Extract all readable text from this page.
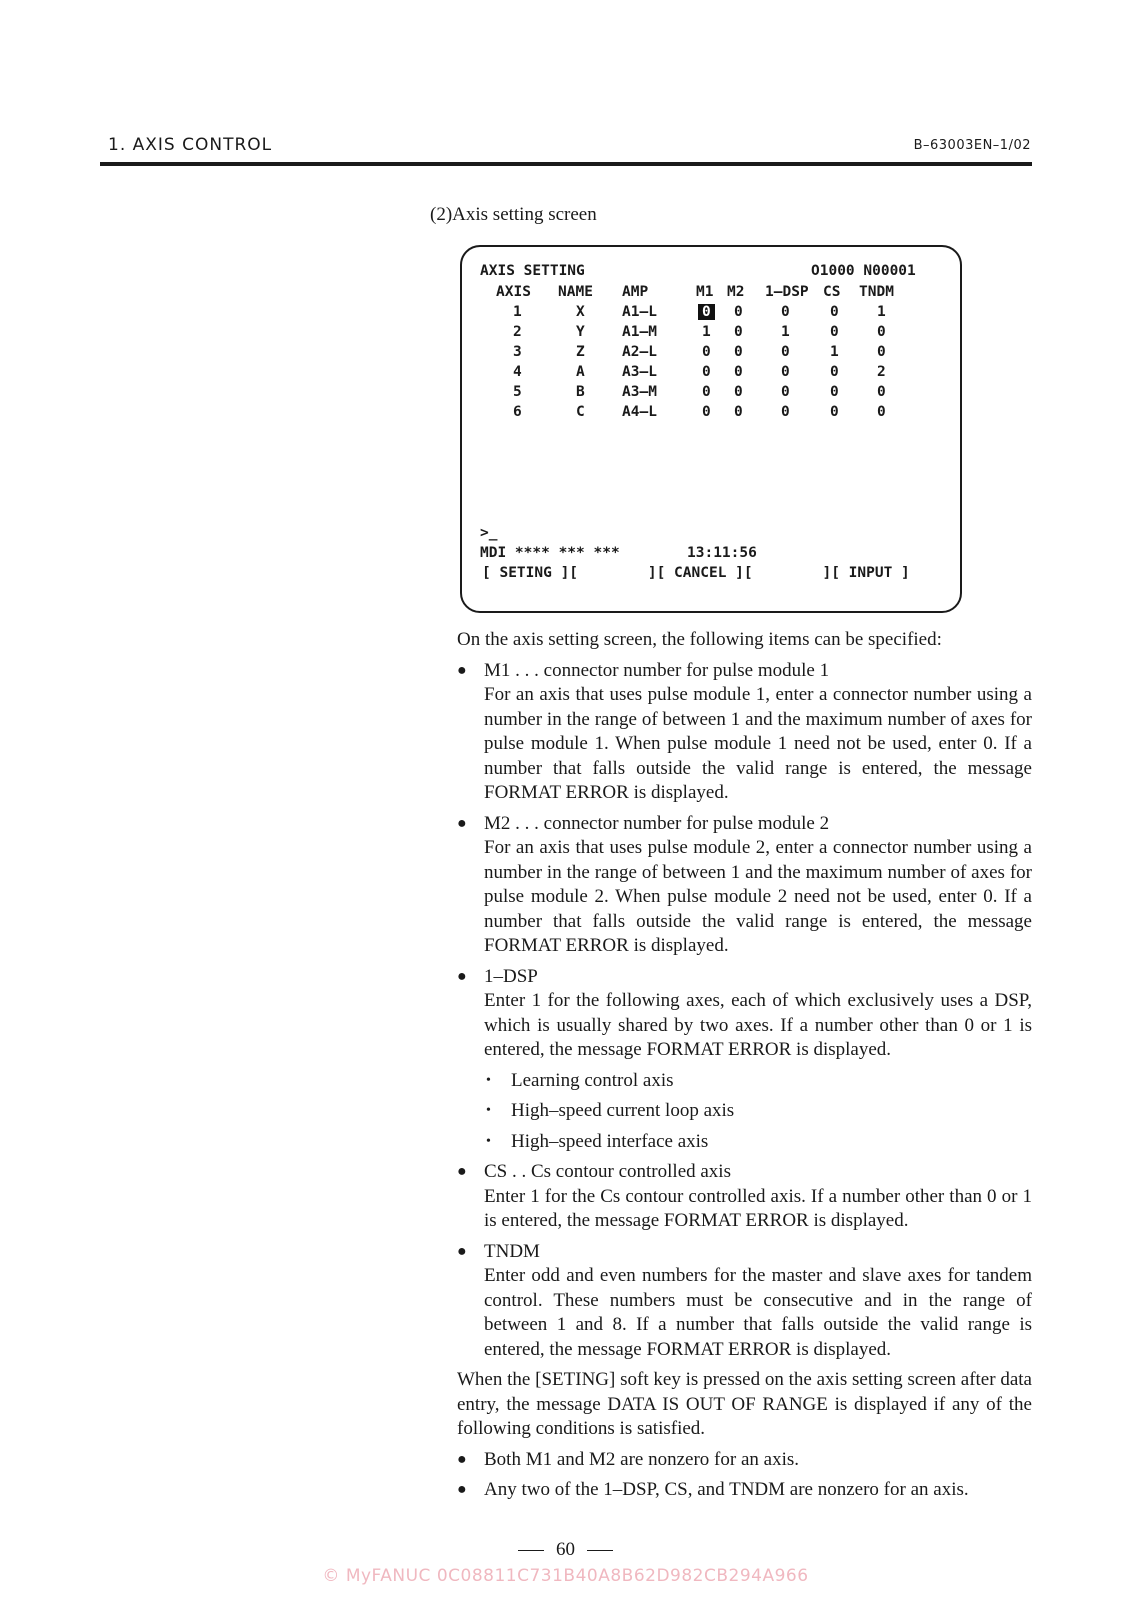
1. AXIS CONTROL	B–63003EN–1/02
(2)Axis setting screen
AXIS SETTING	O1000 N00001
AXIS NAME AMP	M1 M2 1–DSP CS TNDM
1	X	A1–L	0 0	0	0	1
2	Y	A1–M	1 0	1	0	0
3	Z	A2–L	0 0	0	1	0
4	A	A3–L	0 0	0	0	2
5	B	A3–M	0 0	0	0	0
6	C	A4–L	0 0	0	0	0
>_
MDI **** *** ***	13:11:56
[ SETING ][        ][ CANCEL ][        ][ INPUT ]

On the axis setting screen, the following items can be specified:

● M1 . . . connector number for pulse module 1
For an axis that uses pulse module 1, enter a connector number using a number in the range of between 1 and the maximum number of axes for pulse module 1. When pulse module 1 need not be used, enter 0. If a number that falls outside the valid range is entered, the message FORMAT ERROR is displayed.
● M2 . . . connector number for pulse module 2
For an axis that uses pulse module 2, enter a connector number using a number in the range of between 1 and the maximum number of axes for pulse module 2. When pulse module 2 need not be used, enter 0. If a number that falls outside the valid range is entered, the message FORMAT ERROR is displayed.
● 1–DSP
Enter 1 for the following axes, each of which exclusively uses a DSP, which is usually shared by two axes. If a number other than 0 or 1 is entered, the message FORMAT ERROR is displayed.
• Learning control axis
• High–speed current loop axis
• High–speed interface axis
● CS . . Cs contour controlled axis
Enter 1 for the Cs contour controlled axis. If a number other than 0 or 1 is entered, the message FORMAT ERROR is displayed.
● TNDM
Enter odd and even numbers for the master and slave axes for tandem control. These numbers must be consecutive and in the range of between 1 and 8. If a number that falls outside the valid range is entered, the message FORMAT ERROR is displayed.

When the [SETING] soft key is pressed on the axis setting screen after data entry, the message DATA IS OUT OF RANGE is displayed if any of the following conditions is satisfied.

● Both M1 and M2 are nonzero for an axis.
● Any two of the 1–DSP, CS, and TNDM are nonzero for an axis.
60
© MyFANUC 0C08811C731B40A8B62D982CB294A966
